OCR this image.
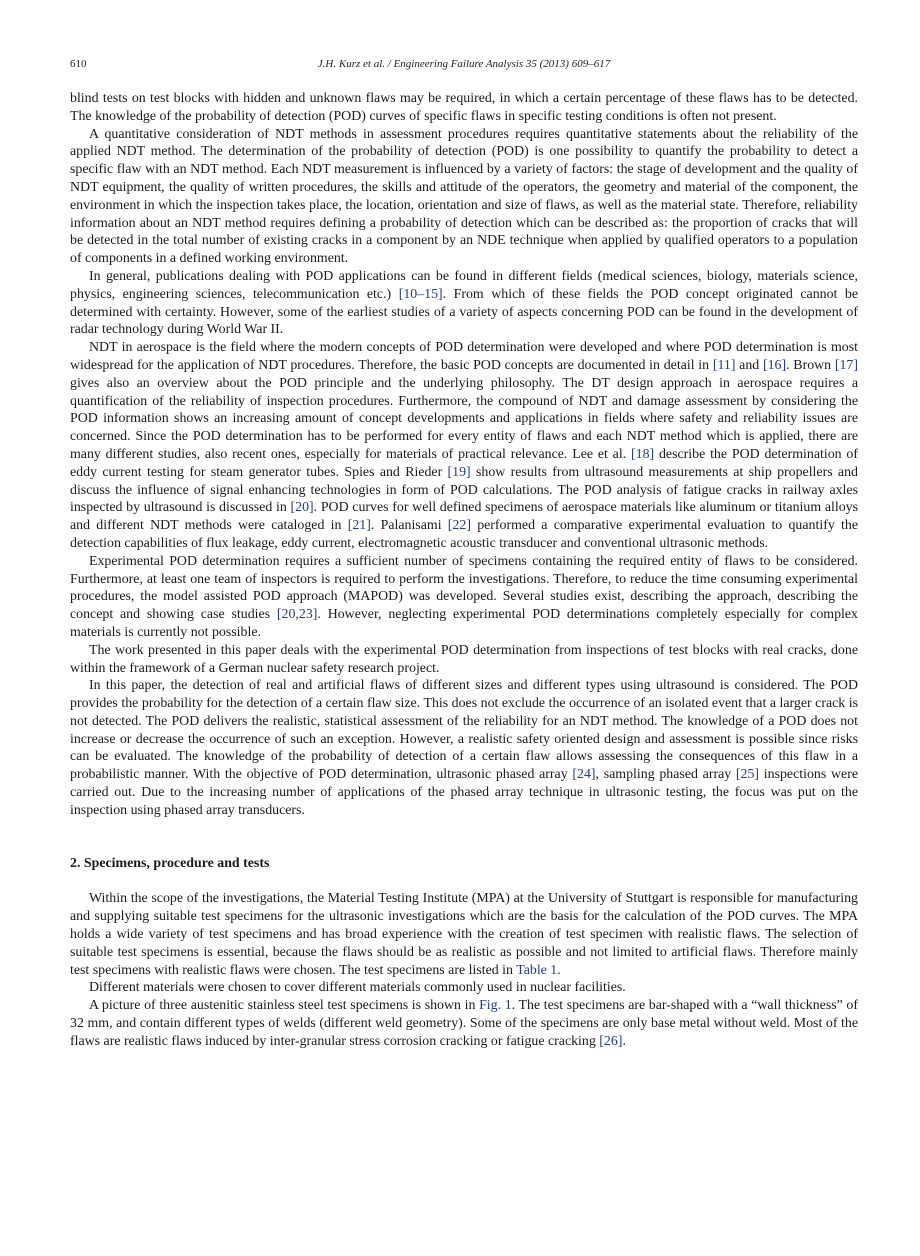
610	J.H. Kurz et al. / Engineering Failure Analysis 35 (2013) 609–617

blind tests on test blocks with hidden and unknown flaws may be required, in which a certain percentage of these flaws has to be detected. The knowledge of the probability of detection (POD) curves of specific flaws in specific testing conditions is often not present.

A quantitative consideration of NDT methods in assessment procedures requires quantitative statements about the reliability of the applied NDT method. The determination of the probability of detection (POD) is one possibility to quantify the probability to detect a specific flaw with an NDT method. Each NDT measurement is influenced by a variety of factors: the stage of development and the quality of NDT equipment, the quality of written procedures, the skills and attitude of the operators, the geometry and material of the component, the environment in which the inspection takes place, the location, orientation and size of flaws, as well as the material state. Therefore, reliability information about an NDT method requires defining a probability of detection which can be described as: the proportion of cracks that will be detected in the total number of existing cracks in a component by an NDE technique when applied by qualified operators to a population of components in a defined working environment.

In general, publications dealing with POD applications can be found in different fields (medical sciences, biology, materials science, physics, engineering sciences, telecommunication etc.) [10–15]. From which of these fields the POD concept originated cannot be determined with certainty. However, some of the earliest studies of a variety of aspects concerning POD can be found in the development of radar technology during World War II.

NDT in aerospace is the field where the modern concepts of POD determination were developed and where POD determination is most widespread for the application of NDT procedures. Therefore, the basic POD concepts are documented in detail in [11] and [16]. Brown [17] gives also an overview about the POD principle and the underlying philosophy. The DT design approach in aerospace requires a quantification of the reliability of inspection procedures. Furthermore, the compound of NDT and damage assessment by considering the POD information shows an increasing amount of concept developments and applications in fields where safety and reliability issues are concerned. Since the POD determination has to be performed for every entity of flaws and each NDT method which is applied, there are many different studies, also recent ones, especially for materials of practical relevance. Lee et al. [18] describe the POD determination of eddy current testing for steam generator tubes. Spies and Rieder [19] show results from ultrasound measurements at ship propellers and discuss the influence of signal enhancing technologies in form of POD calculations. The POD analysis of fatigue cracks in railway axles inspected by ultrasound is discussed in [20]. POD curves for well defined specimens of aerospace materials like aluminum or titanium alloys and different NDT methods were cataloged in [21]. Palanisami [22] performed a comparative experimental evaluation to quantify the detection capabilities of flux leakage, eddy current, electromagnetic acoustic transducer and conventional ultrasonic methods.

Experimental POD determination requires a sufficient number of specimens containing the required entity of flaws to be considered. Furthermore, at least one team of inspectors is required to perform the investigations. Therefore, to reduce the time consuming experimental procedures, the model assisted POD approach (MAPOD) was developed. Several studies exist, describing the approach, describing the concept and showing case studies [20,23]. However, neglecting experimental POD determinations completely especially for complex materials is currently not possible.

The work presented in this paper deals with the experimental POD determination from inspections of test blocks with real cracks, done within the framework of a German nuclear safety research project.

In this paper, the detection of real and artificial flaws of different sizes and different types using ultrasound is considered. The POD provides the probability for the detection of a certain flaw size. This does not exclude the occurrence of an isolated event that a larger crack is not detected. The POD delivers the realistic, statistical assessment of the reliability for an NDT method. The knowledge of a POD does not increase or decrease the occurrence of such an exception. However, a realistic safety oriented design and assessment is possible since risks can be evaluated. The knowledge of the probability of detection of a certain flaw allows assessing the consequences of this flaw in a probabilistic manner. With the objective of POD determination, ultrasonic phased array [24], sampling phased array [25] inspections were carried out. Due to the increasing number of applications of the phased array technique in ultrasonic testing, the focus was put on the inspection using phased array transducers.

2. Specimens, procedure and tests

Within the scope of the investigations, the Material Testing Institute (MPA) at the University of Stuttgart is responsible for manufacturing and supplying suitable test specimens for the ultrasonic investigations which are the basis for the calculation of the POD curves. The MPA holds a wide variety of test specimens and has broad experience with the creation of test specimen with realistic flaws. The selection of suitable test specimens is essential, because the flaws should be as realistic as possible and not limited to artificial flaws. Therefore mainly test specimens with realistic flaws were chosen. The test specimens are listed in Table 1.

Different materials were chosen to cover different materials commonly used in nuclear facilities.

A picture of three austenitic stainless steel test specimens is shown in Fig. 1. The test specimens are bar-shaped with a “wall thickness” of 32 mm, and contain different types of welds (different weld geometry). Some of the specimens are only base metal without weld. Most of the flaws are realistic flaws induced by inter-granular stress corrosion cracking or fatigue cracking [26].
